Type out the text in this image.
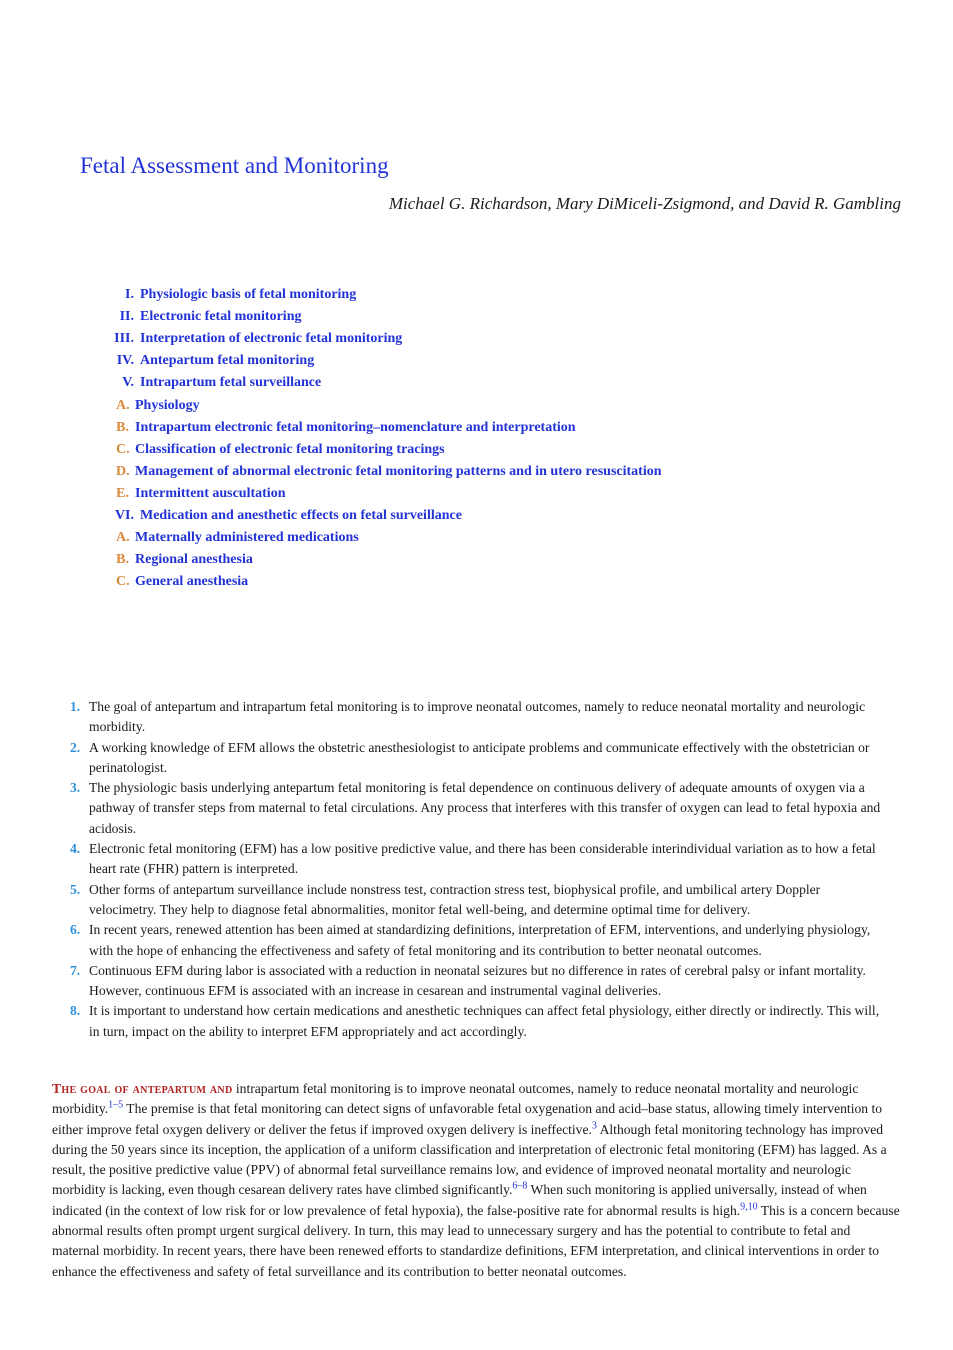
Fetal Assessment and Monitoring
Michael G. Richardson, Mary DiMiceli-Zsigmond, and David R. Gambling
I. Physiologic basis of fetal monitoring
II. Electronic fetal monitoring
III. Interpretation of electronic fetal monitoring
IV. Antepartum fetal monitoring
V. Intrapartum fetal surveillance
A. Physiology
B. Intrapartum electronic fetal monitoring–nomenclature and interpretation
C. Classification of electronic fetal monitoring tracings
D. Management of abnormal electronic fetal monitoring patterns and in utero resuscitation
E. Intermittent auscultation
VI. Medication and anesthetic effects on fetal surveillance
A. Maternally administered medications
B. Regional anesthesia
C. General anesthesia
1. The goal of antepartum and intrapartum fetal monitoring is to improve neonatal outcomes, namely to reduce neonatal mortality and neurologic morbidity.
2. A working knowledge of EFM allows the obstetric anesthesiologist to anticipate problems and communicate effectively with the obstetrician or perinatologist.
3. The physiologic basis underlying antepartum fetal monitoring is fetal dependence on continuous delivery of adequate amounts of oxygen via a pathway of transfer steps from maternal to fetal circulations. Any process that interferes with this transfer of oxygen can lead to fetal hypoxia and acidosis.
4. Electronic fetal monitoring (EFM) has a low positive predictive value, and there has been considerable interindividual variation as to how a fetal heart rate (FHR) pattern is interpreted.
5. Other forms of antepartum surveillance include nonstress test, contraction stress test, biophysical profile, and umbilical artery Doppler velocimetry. They help to diagnose fetal abnormalities, monitor fetal well-being, and determine optimal time for delivery.
6. In recent years, renewed attention has been aimed at standardizing definitions, interpretation of EFM, interventions, and underlying physiology, with the hope of enhancing the effectiveness and safety of fetal monitoring and its contribution to better neonatal outcomes.
7. Continuous EFM during labor is associated with a reduction in neonatal seizures but no difference in rates of cerebral palsy or infant mortality. However, continuous EFM is associated with an increase in cesarean and instrumental vaginal deliveries.
8. It is important to understand how certain medications and anesthetic techniques can affect fetal physiology, either directly or indirectly. This will, in turn, impact on the ability to interpret EFM appropriately and act accordingly.

The goal of antepartum and intrapartum fetal monitoring is to improve neonatal outcomes, namely to reduce neonatal mortality and neurologic morbidity.$^{1-5}$ The premise is that fetal monitoring can detect signs of unfavorable fetal oxygenation and acid–base status, allowing timely intervention to either improve fetal oxygen delivery or deliver the fetus if improved oxygen delivery is ineffective.$^3$ Although fetal monitoring technology has improved during the 50 years since its inception, the application of a uniform classification and interpretation of electronic fetal monitoring (EFM) has lagged. As a result, the positive predictive value (PPV) of abnormal fetal surveillance remains low, and evidence of improved neonatal mortality and neurologic morbidity is lacking, even though cesarean delivery rates have climbed significantly.$^{6-8}$ When such monitoring is applied universally, instead of when indicated (in the context of low risk for or low prevalence of fetal hypoxia), the false-positive rate for abnormal results is high.$^{9,10}$ This is a concern because abnormal results often prompt urgent surgical delivery. In turn, this may lead to unnecessary surgery and has the potential to contribute to fetal and maternal morbidity. In recent years, there have been renewed efforts to standardize definitions, EFM interpretation, and clinical interventions in order to enhance the effectiveness and safety of fetal surveillance and its contribution to better neonatal outcomes.
